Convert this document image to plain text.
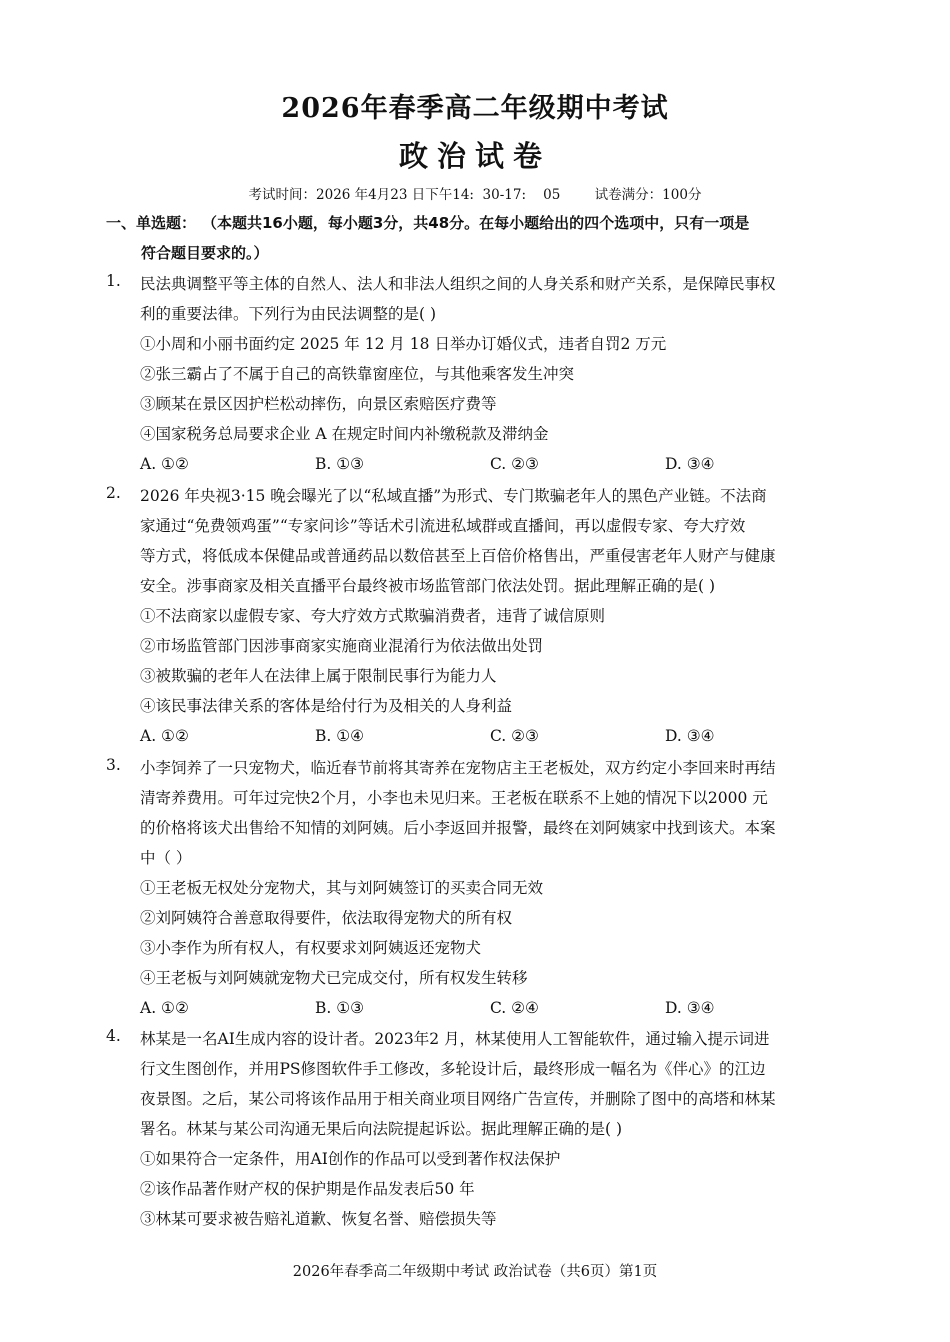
2026年春季高二年级期中考试
政治试卷
考试时间：2026 年4月23 日下午14:  30-17:    05        试卷满分：100分
一、单选题： （本题共16小题，每小题3分，共48分。在每小题给出的四个选项中，只有一项是
符合题目要求的。）
1.	民法典调整平等主体的自然人、法人和非法人组织之间的人身关系和财产关系，是保障民事权
利的重要法律。下列行为由民法调整的是( )
①小周和小丽书面约定 2025 年 12 月 18 日举办订婚仪式，违者自罚2 万元
②张三霸占了不属于自己的高铁靠窗座位，与其他乘客发生冲突
③顾某在景区因护栏松动摔伤，向景区索赔医疗费等
④国家税务总局要求企业 A 在规定时间内补缴税款及滞纳金
A. ①②	B. ①③	C. ②③	D. ③④
2.	2026 年央视3·15 晚会曝光了以“私域直播”为形式、专门欺骗老年人的黑色产业链。不法商
家通过“免费领鸡蛋”“专家问诊”等话术引流进私域群或直播间，再以虚假专家、夸大疗效
等方式，将低成本保健品或普通药品以数倍甚至上百倍价格售出，严重侵害老年人财产与健康
安全。涉事商家及相关直播平台最终被市场监管部门依法处罚。据此理解正确的是( )
①不法商家以虚假专家、夸大疗效方式欺骗消费者，违背了诚信原则
②市场监管部门因涉事商家实施商业混淆行为依法做出处罚
③被欺骗的老年人在法律上属于限制民事行为能力人
④该民事法律关系的客体是给付行为及相关的人身利益
A. ①②	B. ①④	C. ②③	D. ③④
3.	小李饲养了一只宠物犬，临近春节前将其寄养在宠物店主王老板处，双方约定小李回来时再结
清寄养费用。可年过完快2个月，小李也未见归来。王老板在联系不上她的情况下以2000 元
的价格将该犬出售给不知情的刘阿姨。后小李返回并报警，最终在刘阿姨家中找到该犬。本案
中（ ）
①王老板无权处分宠物犬，其与刘阿姨签订的买卖合同无效
②刘阿姨符合善意取得要件，依法取得宠物犬的所有权
③小李作为所有权人，有权要求刘阿姨返还宠物犬
④王老板与刘阿姨就宠物犬已完成交付，所有权发生转移
A. ①②	B. ①③	C. ②④	D. ③④
4.	林某是一名AI生成内容的设计者。2023年2 月，林某使用人工智能软件，通过输入提示词进
行文生图创作，并用PS修图软件手工修改，多轮设计后，最终形成一幅名为《伴心》的江边
夜景图。之后，某公司将该作品用于相关商业项目网络广告宣传，并删除了图中的高塔和林某
署名。林某与某公司沟通无果后向法院提起诉讼。据此理解正确的是( )
①如果符合一定条件，用AI创作的作品可以受到著作权法保护
②该作品著作财产权的保护期是作品发表后50 年
③林某可要求被告赔礼道歉、恢复名誉、赔偿损失等
2026年春季高二年级期中考试 政治试卷（共6页）第1页
